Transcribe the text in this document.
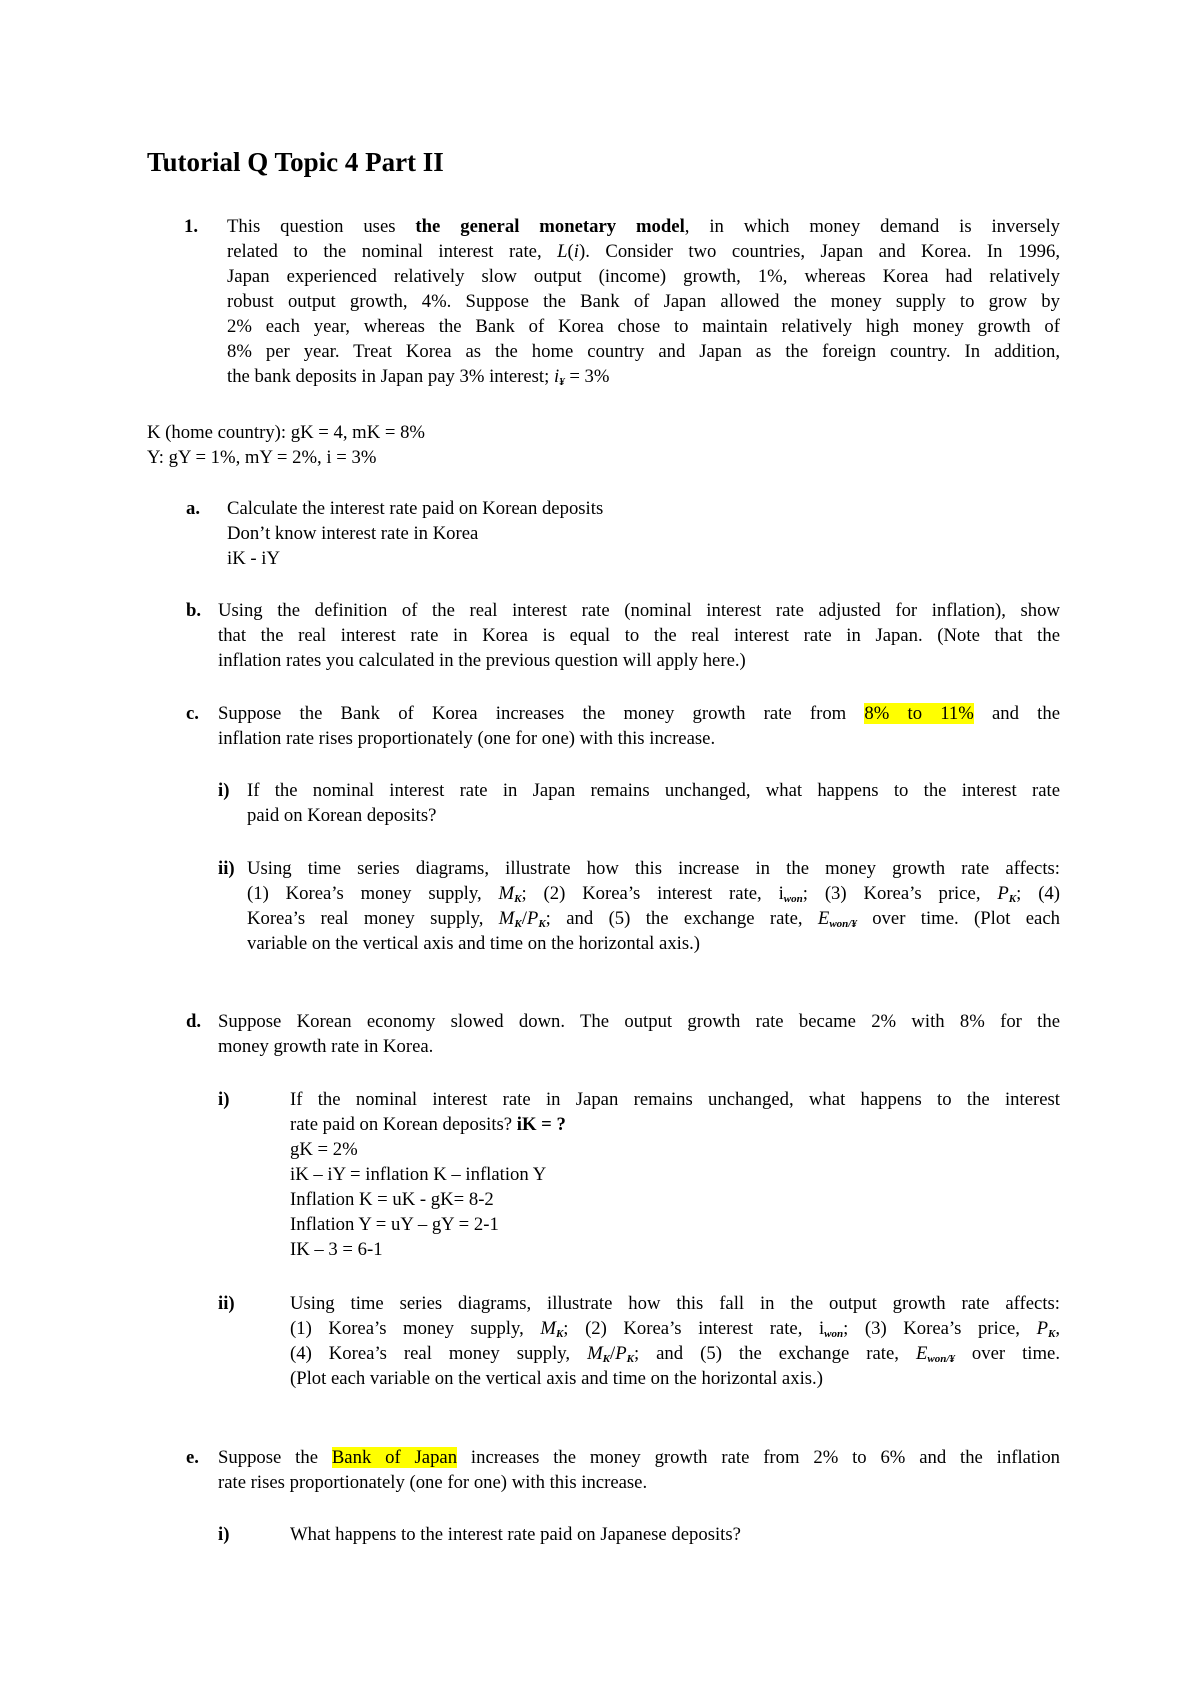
Tutorial Q Topic 4 Part II
1. This question uses the general monetary model, in which money demand is inversely
related to the nominal interest rate, L(i). Consider two countries, Japan and Korea. In 1996,
Japan experienced relatively slow output (income) growth, 1%, whereas Korea had relatively
robust output growth, 4%. Suppose the Bank of Japan allowed the money supply to grow by
2% each year, whereas the Bank of Korea chose to maintain relatively high money growth of
8% per year. Treat Korea as the home country and Japan as the foreign country. In addition,
the bank deposits in Japan pay 3% interest; $i_¥ = 3\%$
K (home country): gK = 4, mK = 8%
Y: gY = 1%, mY = 2%, i = 3%
a. Calculate the interest rate paid on Korean deposits
Don’t know interest rate in Korea
iK - iY
b. Using the definition of the real interest rate (nominal interest rate adjusted for inflation), show
that the real interest rate in Korea is equal to the real interest rate in Japan. (Note that the
inflation rates you calculated in the previous question will apply here.)
c. Suppose the Bank of Korea increases the money growth rate from 8% to 11% and the
inflation rate rises proportionately (one for one) with this increase.
i) If the nominal interest rate in Japan remains unchanged, what happens to the interest rate
paid on Korean deposits?
ii) Using time series diagrams, illustrate how this increase in the money growth rate affects:
(1) Korea’s money supply, $M_K$; (2) Korea’s interest rate, $i_{won}$; (3) Korea’s price, $P_K$; (4)
Korea’s real money supply, $M_K/P_K$; and (5) the exchange rate, $E_{won/¥}$ over time. (Plot each
variable on the vertical axis and time on the horizontal axis.)
d. Suppose Korean economy slowed down. The output growth rate became 2% with 8% for the
money growth rate in Korea.
i)	If the nominal interest rate in Japan remains unchanged, what happens to the interest
rate paid on Korean deposits? iK = ?
gK = 2%
iK – iY = inflation K – inflation Y
Inflation K = uK - gK= 8-2
Inflation Y = uY – gY = 2-1
IK – 3 = 6-1
ii)	Using time series diagrams, illustrate how this fall in the output growth rate affects:
(1) Korea’s money supply, $M_K$; (2) Korea’s interest rate, $i_{won}$; (3) Korea’s price, $P_K$,
(4) Korea’s real money supply, $M_K/P_K$; and (5) the exchange rate, $E_{won/¥}$ over time.
(Plot each variable on the vertical axis and time on the horizontal axis.)
e. Suppose the Bank of Japan increases the money growth rate from 2% to 6% and the inflation
rate rises proportionately (one for one) with this increase.
i)	What happens to the interest rate paid on Japanese deposits?
